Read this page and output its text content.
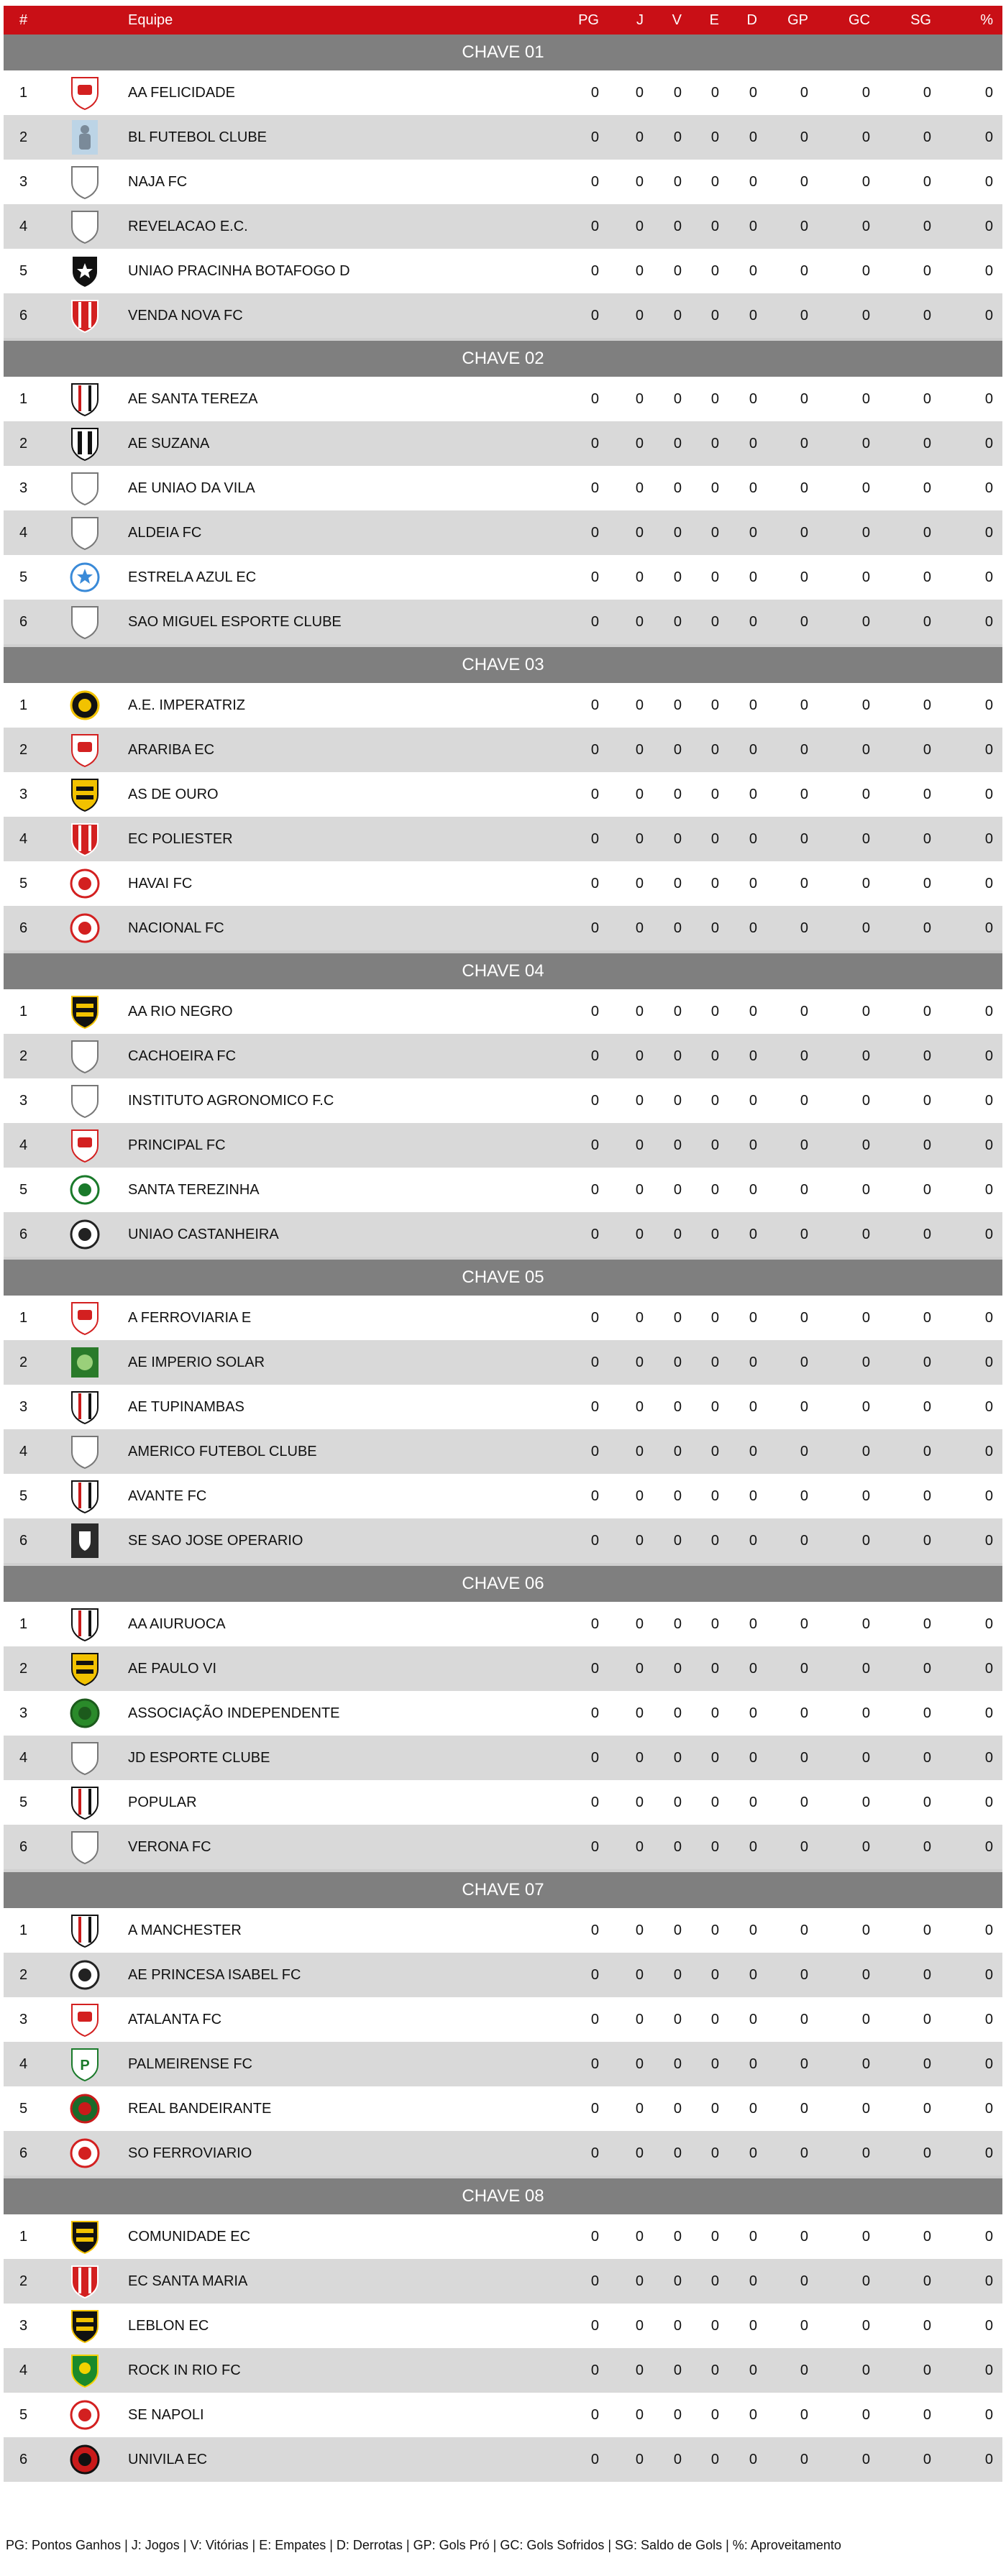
#	Equipe	PG	J	V	E	D	GP	GC	SG	%
CHAVE 01
1	AA FELICIDADE	0	0	0	0	0	0	0	0	0
2	BL FUTEBOL CLUBE	0	0	0	0	0	0	0	0	0
3	NAJA FC	0	0	0	0	0	0	0	0	0
4	REVELACAO E.C.	0	0	0	0	0	0	0	0	0
5	UNIAO PRACINHA BOTAFOGO D	0	0	0	0	0	0	0	0	0
6	VENDA NOVA FC	0	0	0	0	0	0	0	0	0
CHAVE 02
1	AE SANTA TEREZA	0	0	0	0	0	0	0	0	0
2	AE SUZANA	0	0	0	0	0	0	0	0	0
3	AE UNIAO DA VILA	0	0	0	0	0	0	0	0	0
4	ALDEIA FC	0	0	0	0	0	0	0	0	0
5	ESTRELA AZUL EC	0	0	0	0	0	0	0	0	0
6	SAO MIGUEL ESPORTE CLUBE	0	0	0	0	0	0	0	0	0
CHAVE 03
1	A.E. IMPERATRIZ	0	0	0	0	0	0	0	0	0
2	ARARIBA EC	0	0	0	0	0	0	0	0	0
3	AS DE OURO	0	0	0	0	0	0	0	0	0
4	EC POLIESTER	0	0	0	0	0	0	0	0	0
5	HAVAI FC	0	0	0	0	0	0	0	0	0
6	NACIONAL FC	0	0	0	0	0	0	0	0	0
CHAVE 04
1	AA RIO NEGRO	0	0	0	0	0	0	0	0	0
2	CACHOEIRA FC	0	0	0	0	0	0	0	0	0
3	INSTITUTO AGRONOMICO F.C	0	0	0	0	0	0	0	0	0
4	PRINCIPAL FC	0	0	0	0	0	0	0	0	0
5	SANTA TEREZINHA	0	0	0	0	0	0	0	0	0
6	UNIAO CASTANHEIRA	0	0	0	0	0	0	0	0	0
CHAVE 05
1	A FERROVIARIA E	0	0	0	0	0	0	0	0	0
2	AE IMPERIO SOLAR	0	0	0	0	0	0	0	0	0
3	AE TUPINAMBAS	0	0	0	0	0	0	0	0	0
4	AMERICO FUTEBOL CLUBE	0	0	0	0	0	0	0	0	0
5	AVANTE FC	0	0	0	0	0	0	0	0	0
6	SE SAO JOSE OPERARIO	0	0	0	0	0	0	0	0	0
CHAVE 06
1	AA AIURUOCA	0	0	0	0	0	0	0	0	0
2	AE PAULO VI	0	0	0	0	0	0	0	0	0
3	ASSOCIAÇÃO INDEPENDENTE	0	0	0	0	0	0	0	0	0
4	JD ESPORTE CLUBE	0	0	0	0	0	0	0	0	0
5	POPULAR	0	0	0	0	0	0	0	0	0
6	VERONA FC	0	0	0	0	0	0	0	0	0
CHAVE 07
1	A MANCHESTER	0	0	0	0	0	0	0	0	0
2	AE PRINCESA ISABEL FC	0	0	0	0	0	0	0	0	0
3	ATALANTA FC	0	0	0	0	0	0	0	0	0
4	P	PALMEIRENSE FC	0	0	0	0	0	0	0	0	0
5	REAL BANDEIRANTE	0	0	0	0	0	0	0	0	0
6	SO FERROVIARIO	0	0	0	0	0	0	0	0	0
CHAVE 08
1	COMUNIDADE EC	0	0	0	0	0	0	0	0	0
2	EC SANTA MARIA	0	0	0	0	0	0	0	0	0
3	LEBLON EC	0	0	0	0	0	0	0	0	0
4	ROCK IN RIO FC	0	0	0	0	0	0	0	0	0
5	SE NAPOLI	0	0	0	0	0	0	0	0	0
6	UNIVILA EC	0	0	0	0	0	0	0	0	0
PG: Pontos Ganhos | J: Jogos | V: Vitórias | E: Empates | D: Derrotas | GP: Gols Pró | GC: Gols Sofridos | SG: Saldo de Gols | %: Aproveitamento
